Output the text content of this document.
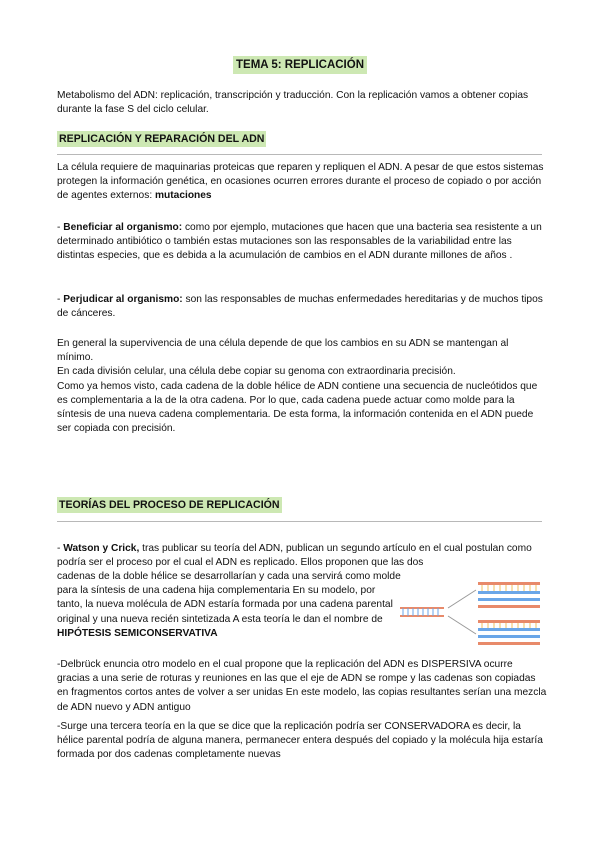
TEMA 5: REPLICACIÓN

Metabolismo del ADN: replicación, transcripción y traducción. Con la replicación vamos a obtener copias durante la fase S del ciclo celular.

REPLICACIÓN Y REPARACIÓN DEL ADN

La célula requiere de maquinarias proteicas que reparen y repliquen el ADN. A pesar de que estos sistemas protegen la información genética, en ocasiones ocurren errores durante el proceso de copiado o por acción de agentes externos: mutaciones

- Beneficiar al organismo: como por ejemplo, mutaciones que hacen que una bacteria sea resistente a un determinado antibiótico o también estas mutaciones son las responsables de la variabilidad entre las distintas especies, que es debida a la acumulación de cambios en el ADN durante millones de años .

- Perjudicar al organismo: son las responsables de muchas enfermedades hereditarias y de muchos tipos de cánceres.

En general la supervivencia de una célula depende de que los cambios en su ADN se mantengan al mínimo.
En cada división celular, una célula debe copiar su genoma con extraordinaria precisión.
Como ya hemos visto, cada cadena de la doble hélice de ADN contiene una secuencia de nucleótidos que es complementaria a la de la otra cadena. Por lo que, cada cadena puede actuar como molde para la síntesis de una nueva cadena complementaria. De esta forma, la información contenida en el ADN puede ser copiada con precisión.
TEORÍAS DEL PROCESO DE REPLICACIÓN

- Watson y Crick, tras publicar su teoría del ADN, publican un segundo artículo en el cual postulan como podría ser el proceso por el cual el ADN es replicado. Ellos proponen que las dos

cadenas de la doble hélice se desarrollarían y cada una servirá como molde para la síntesis de una cadena hija complementaria En su modelo, por tanto, la nueva molécula de ADN estaría formada por una cadena parental original y una nueva recién sintetizada A esta teoría le dan el nombre de HIPÓTESIS SEMICONSERVATIVA

-Delbrück enuncia otro modelo en el cual propone que la replicación del ADN es DISPERSIVA ocurre gracias a una serie de roturas y reuniones en las que el eje de ADN se rompe y las cadenas son copiadas en fragmentos cortos antes de volver a ser unidas En este modelo, las copias resultantes serían una mezcla de ADN nuevo y ADN antiguo

-Surge una tercera teoría en la que se dice que la replicación podría ser CONSERVADORA es decir, la hélice parental podría de alguna manera, permanecer entera después del copiado y la molécula hija estaría formada por dos cadenas completamente nuevas
